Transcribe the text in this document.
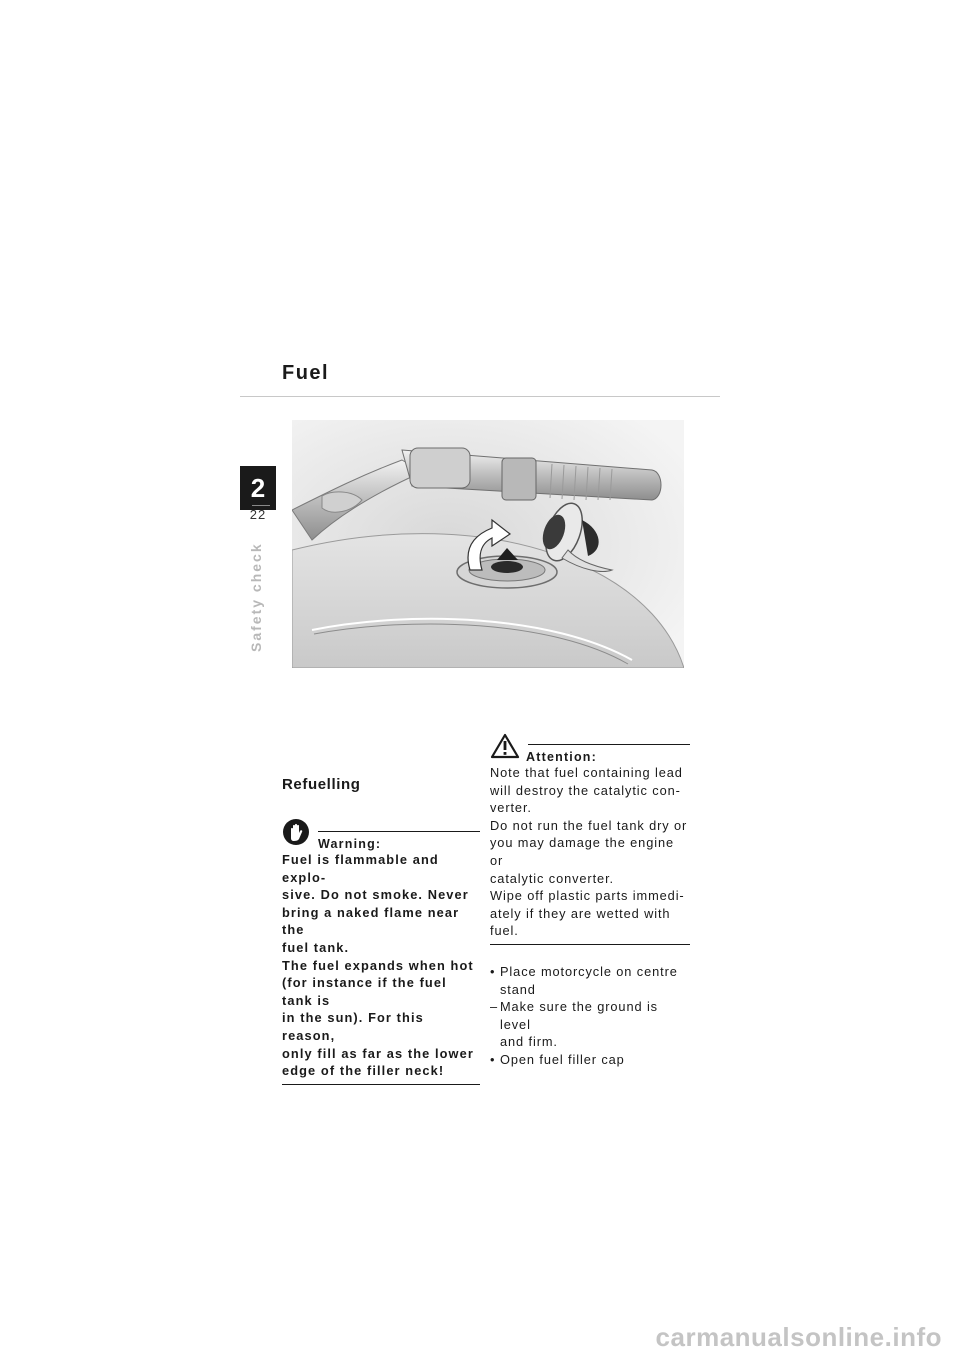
Fuel
2
22
Safety check
Refuelling
Warning:

Fuel is flammable and explo-

sive. Do not smoke. Never

bring a naked flame near the

fuel tank.

The fuel expands when hot

(for instance if the fuel tank is

in the sun). For this reason,

only fill as far as the lower

edge of the filler neck!

Attention:

Note that fuel containing lead

will destroy the catalytic con-

verter.

Do not run the fuel tank dry or

you may damage the engine or

catalytic converter.

Wipe off plastic parts immedi-

ately if they are wetted with fuel.

• Place motorcycle on centre
stand
– Make sure the ground is level
and firm.
• Open fuel filler cap
carmanualsonline.info
